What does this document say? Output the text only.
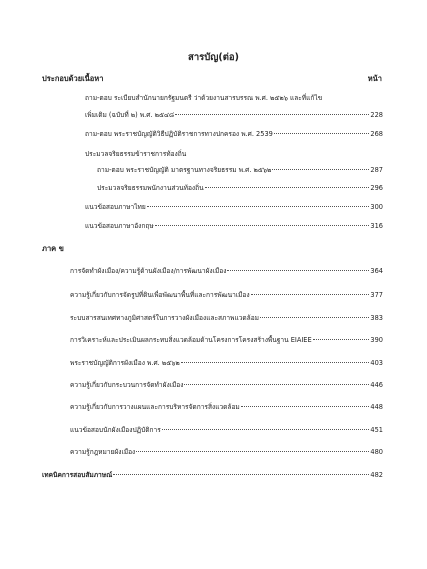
สารบัญ(ต่อ)
ประกอบด้วยเนื้อหา	หน้า
ถาม-ตอบ ระเบียบสำนักนายกรัฐมนตรี ว่าด้วยงานสารบรรณ พ.ศ. ๒๕๒๖ และที่แก้ไข
เพิ่มเติม (ฉบับที่ ๒) พ.ศ. ๒๕๔๘	228
ถาม-ตอบ พระราชบัญญัติวิธีปฏิบัติราชการทางปกครอง พ.ศ. 2539	268
ประมวลจริยธรรมข้าราชการท้องถิ่น
ถาม-ตอบ พระราชบัญญัติ มาตรฐานทางจริยธรรม พ.ศ. ๒๕๖๒	287
ประมวลจริยธรรมพนักงานส่วนท้องถิ่น	296
แนวข้อสอบภาษาไทย	300
แนวข้อสอบภาษาอังกฤษ	316
ภาค ข
การจัดทำผังเมือง/ความรู้ด้านผังเมือง/การพัฒนาผังเมือง	364
ความรู้เกี่ยวกับการจัดรูปที่ดินเพื่อพัฒนาพื้นที่และการพัฒนาเมือง	377
ระบบสารสนเทศทางภูมิศาสตร์ในการวางผังเมืองและสภาพแวดล้อม	383
การวิเคราะห์และประเมินผลกระทบสิ่งแวดล้อมด้านโครงการโครงสร้างพื้นฐาน EIAIEE	390
พระราชบัญญัติการผังเมือง พ.ศ. ๒๕๖๒	403
ความรู้เกี่ยวกับกระบวนการจัดทำผังเมือง	446
ความรู้เกี่ยวกับการวางแผนและการบริหารจัดการสิ่งแวดล้อม	448
แนวข้อสอบนักผังเมืองปฏิบัติการ	451
ความรู้กฎหมายผังเมือง	480
เทคนิคการสอบสัมภาษณ์	482
